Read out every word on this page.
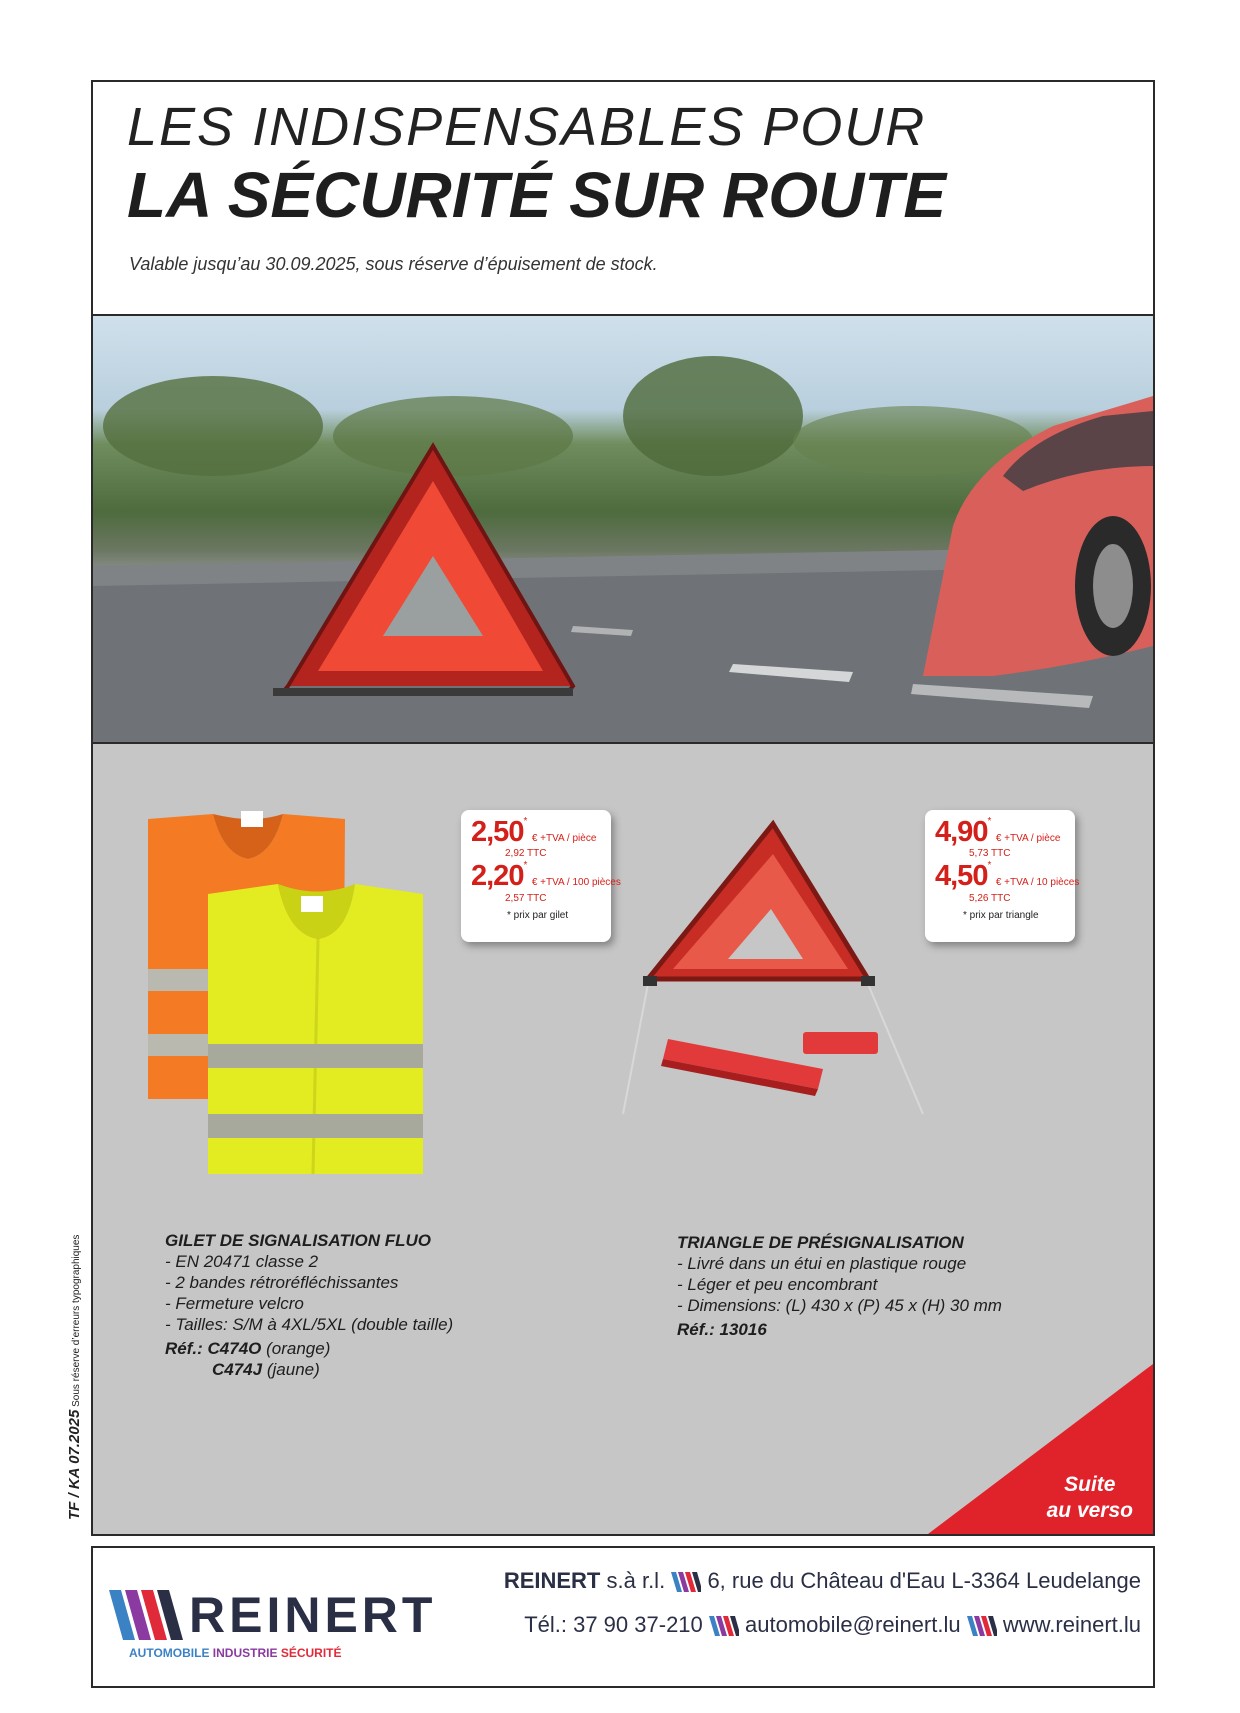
LES INDISPENSABLES POUR
LA SÉCURITÉ SUR ROUTE
Valable jusqu’au 30.09.2025, sous réserve d’épuisement de stock.
2,50* € +TVA / pièce
2,92 TTC
2,20* € +TVA / 100 pièces
2,57 TTC
* prix par gilet
4,90* € +TVA / pièce
5,73 TTC
4,50* € +TVA / 10 pièces
5,26 TTC
* prix par triangle
GILET DE SIGNALISATION FLUO
- EN 20471 classe 2
- 2 bandes rétroréfléchissantes
- Fermeture velcro
- Tailles: S/M à 4XL/5XL (double taille)
Réf.: C474O (orange)
C474J (jaune)
TRIANGLE DE PRÉSIGNALISATION
- Livré dans un étui en plastique rouge
- Léger et peu encombrant
- Dimensions: (L) 430 x (P) 45 x (H) 30 mm
Réf.: 13016
Suite
au verso
TF / KA 07.2025 Sous réserve d’erreurs typographiques
REINERT
AUTOMOBILE INDUSTRIE SÉCURITÉ
REINERT s.à r.l. 6, rue du Château d'Eau L-3364 Leudelange
Tél.: 37 90 37-210 automobile@reinert.lu www.reinert.lu
